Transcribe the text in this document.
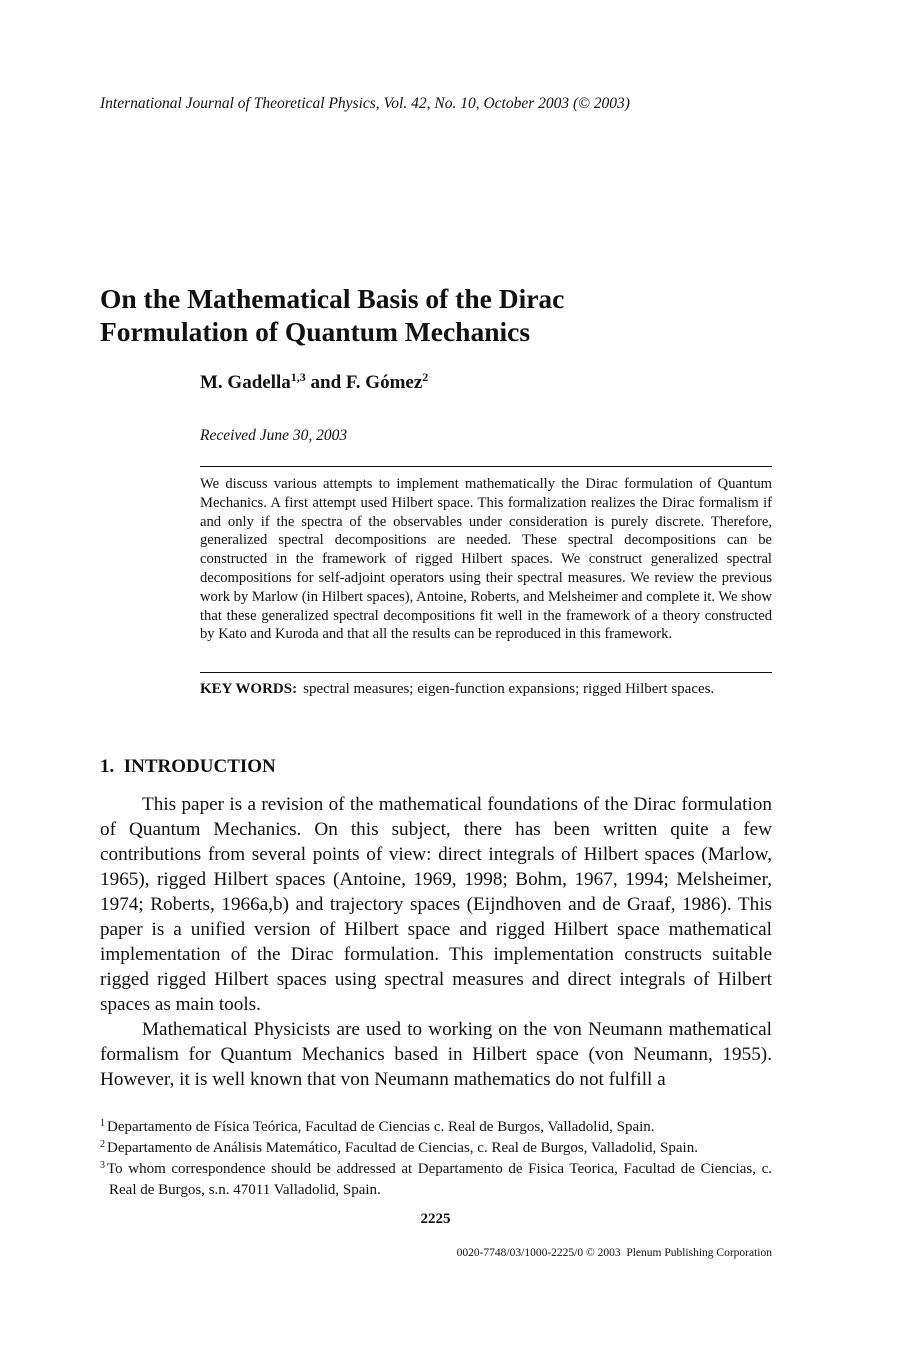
International Journal of Theoretical Physics, Vol. 42, No. 10, October 2003 (© 2003)
On the Mathematical Basis of the Dirac
Formulation of Quantum Mechanics
M. Gadella$^{1,3}$ and F. Gómez$^2$
Received June 30, 2003

We discuss various attempts to implement mathematically the Dirac formulation of Quantum Mechanics. A first attempt used Hilbert space. This formalization realizes the Dirac formalism if and only if the spectra of the observables under consideration is purely discrete. Therefore, generalized spectral decompositions are needed. These spectral decompositions can be constructed in the framework of rigged Hilbert spaces. We construct generalized spectral decompositions for self-adjoint operators using their spectral measures. We review the previous work by Marlow (in Hilbert spaces), Antoine, Roberts, and Melsheimer and complete it. We show that these generalized spectral decompositions fit well in the framework of a theory constructed by Kato and Kuroda and that all the results can be reproduced in this framework.

KEY WORDS: spectral measures; eigen-function expansions; rigged Hilbert spaces.
1.  INTRODUCTION

This paper is a revision of the mathematical foundations of the Dirac formulation of Quantum Mechanics. On this subject, there has been written quite a few contributions from several points of view: direct integrals of Hilbert spaces (Marlow, 1965), rigged Hilbert spaces (Antoine, 1969, 1998; Bohm, 1967, 1994; Melsheimer, 1974; Roberts, 1966a,b) and trajectory spaces (Eijndhoven and de Graaf, 1986). This paper is a unified version of Hilbert space and rigged Hilbert space mathematical implementation of the Dirac formulation. This implementation constructs suitable rigged rigged Hilbert spaces using spectral measures and direct integrals of Hilbert spaces as main tools.

Mathematical Physicists are used to working on the von Neumann mathematical formalism for Quantum Mechanics based in Hilbert space (von Neumann, 1955). However, it is well known that von Neumann mathematics do not fulfill a

$^1$ Departamento de Física Teórica, Facultad de Ciencias c. Real de Burgos, Valladolid, Spain.

$^2$ Departamento de Análisis Matemático, Facultad de Ciencias, c. Real de Burgos, Valladolid, Spain.

$^3$ To whom correspondence should be addressed at Departamento de Fisica Teorica, Facultad de Ciencias, c. Real de Burgos, s.n. 47011 Valladolid, Spain.

2225
0020-7748/03/1000-2225/0 © 2003  Plenum Publishing Corporation
